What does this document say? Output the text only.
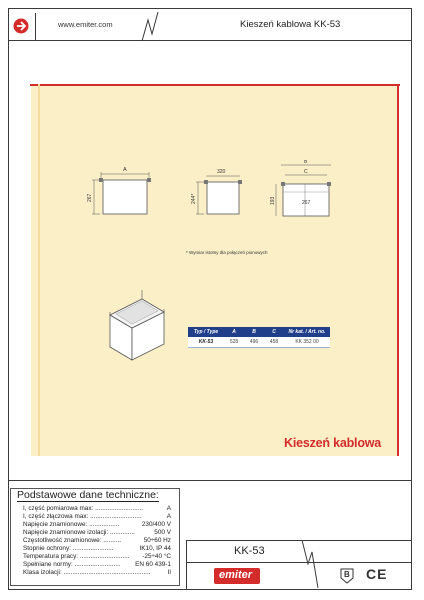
www.emiter.com	Kieszeń kablowa KK-53
A
267
320
244*
B
C
193	267
* Wymiar istotny dla połączeń pionowych
Typ / Type	A	B	C	Nr kat. / Art. no.
KK-53	528	496	458	KK 352 00
Kieszeń kablowa
Podstawowe dane techniczne:
I, część pomiarowa max: ...........................	A
I, część złączowa max: .............................	A
Napięcie znamionowe: .................	230/400 V
Napięcie znamionowe izolacji: ..............	500 V
Częstotliwość znamionowe: ..........	50÷60 Hz
Stopnie ochrony: .......................	IK10, IP 44
Temperatura pracy: ............................ -25÷40 °C
Spełniane normy: .......................... EN 60 439-1
Klasa izolacji: .................................................	II
KK-53
emiter	B CE
